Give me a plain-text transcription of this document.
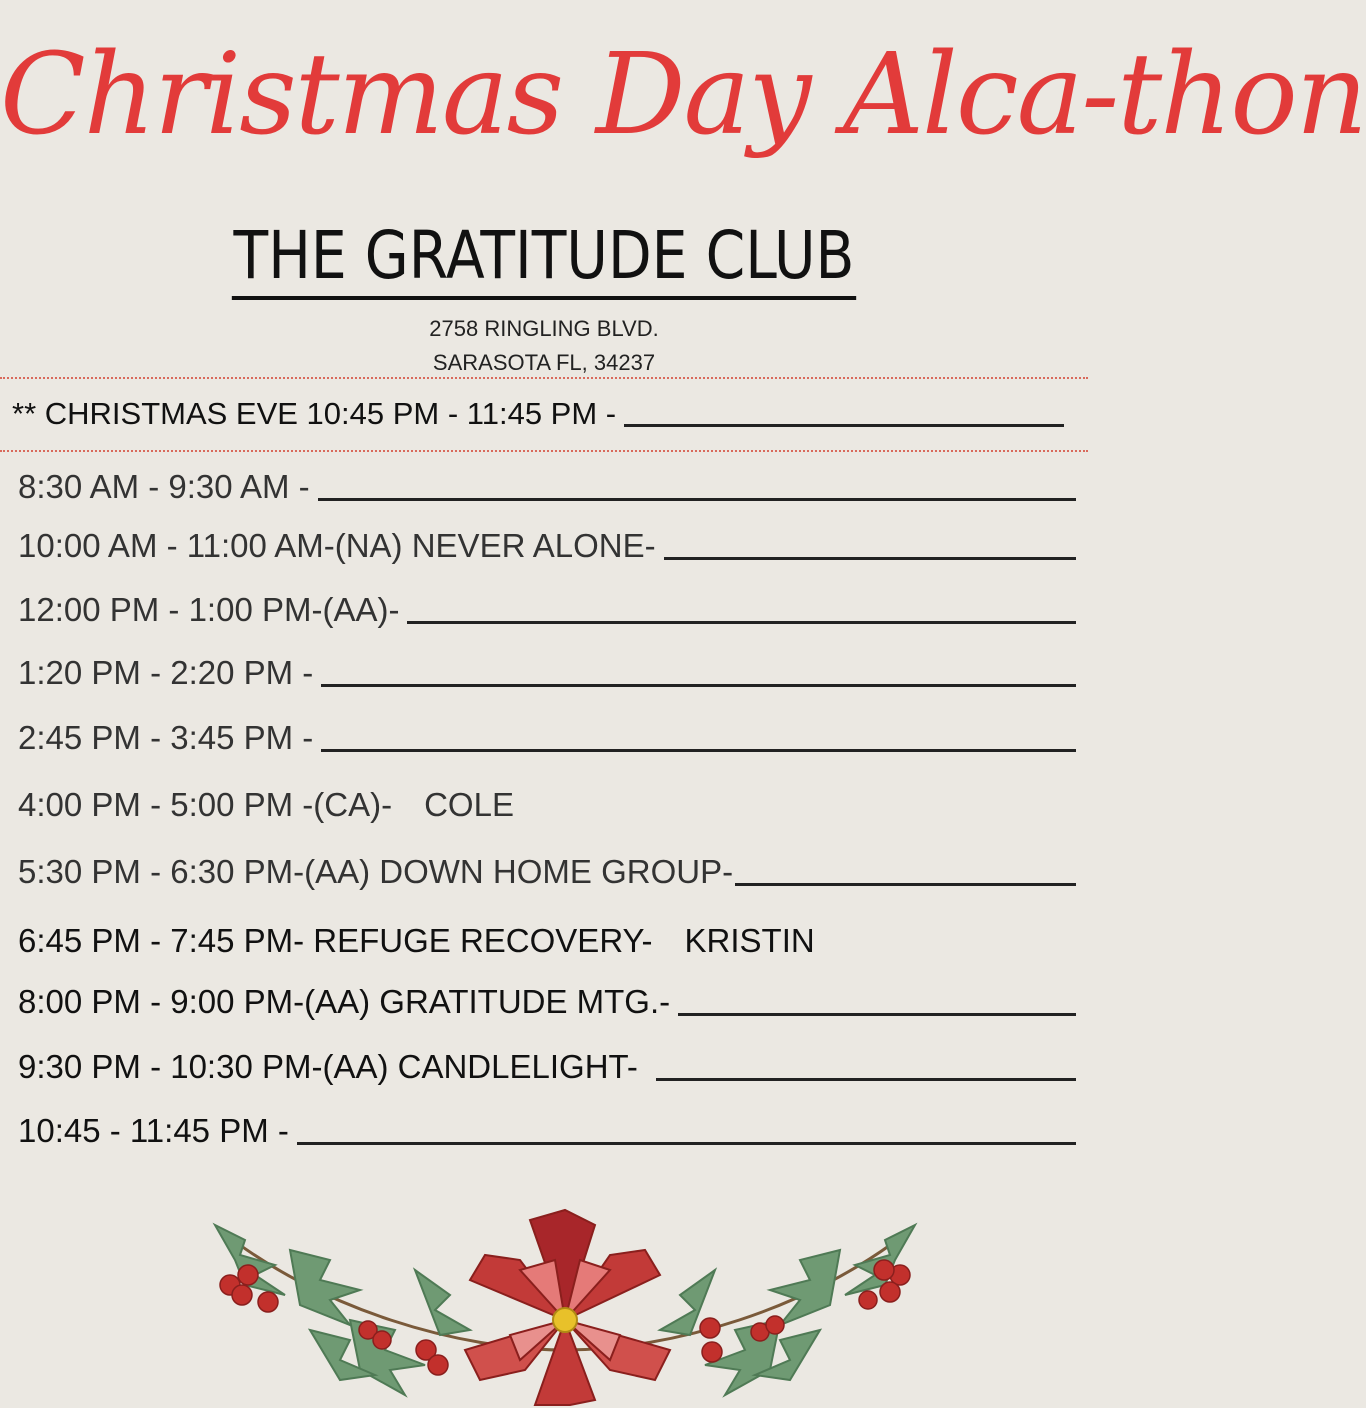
Christmas Day Alca-thon
THE GRATITUDE CLUB
2758 RINGLING BLVD.
SARASOTA FL, 34237
** CHRISTMAS EVE 10:45 PM - 11:45 PM -
8:30 AM - 9:30 AM -
10:00 AM - 11:00 AM-(NA) NEVER ALONE-
12:00 PM - 1:00 PM-(AA)-
1:20 PM - 2:20 PM -
2:45 PM - 3:45 PM -
4:00 PM - 5:00 PM -(CA)- COLE
5:30 PM - 6:30 PM-(AA) DOWN HOME GROUP-
6:45 PM - 7:45 PM- REFUGE RECOVERY- KRISTIN
8:00 PM - 9:00 PM-(AA) GRATITUDE MTG.-
9:30 PM - 10:30 PM-(AA) CANDLELIGHT-
10:45 - 11:45 PM -
